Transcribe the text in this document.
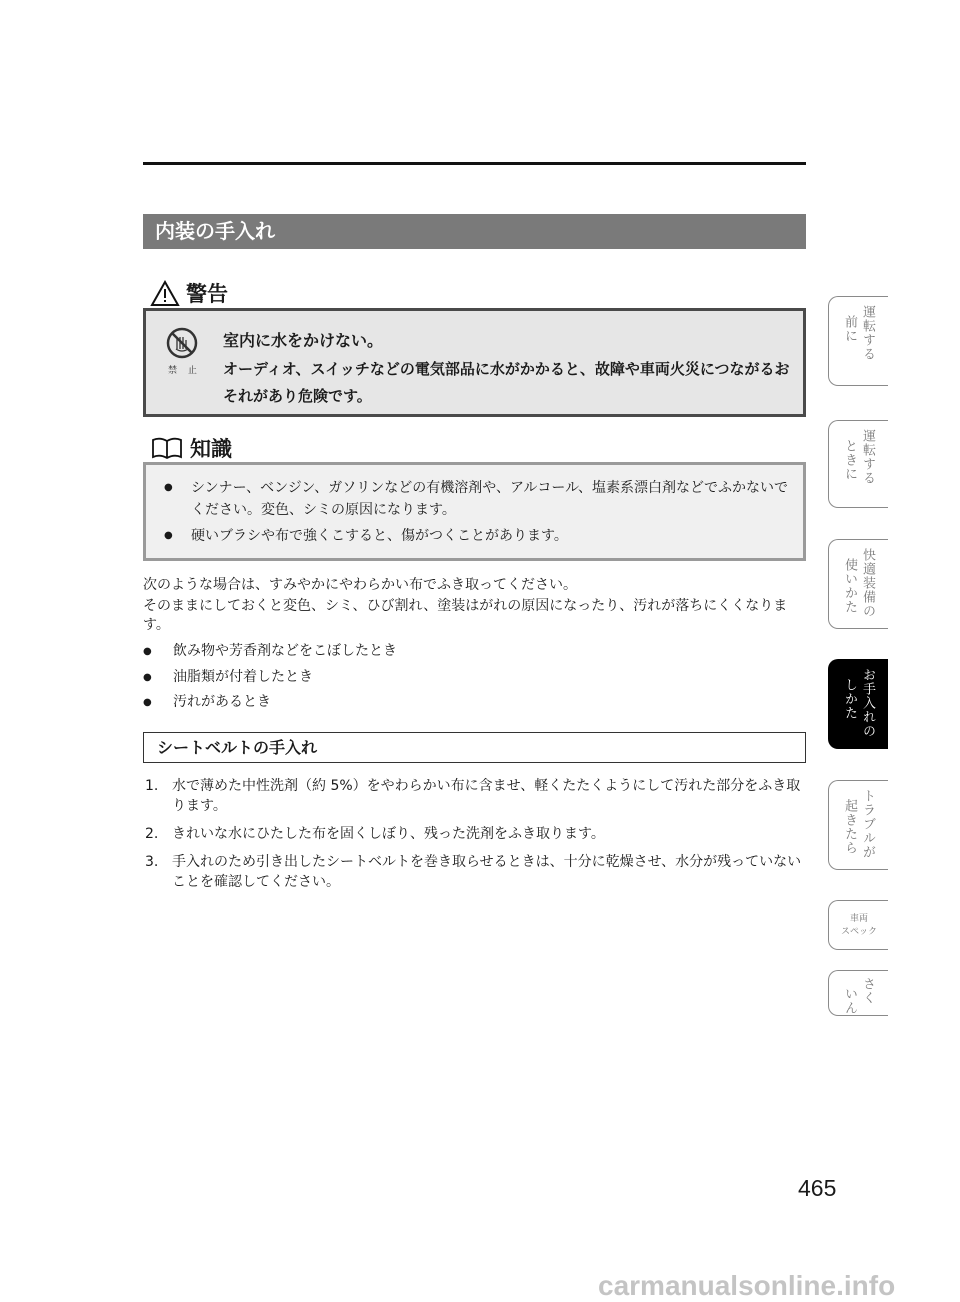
内装の手入れ
警告
禁 止
室内に水をかけない。
オーディオ、スイッチなどの電気部品に水がかかると、故障や車両火災につながるおそれがあり危険です。
知識
● シンナー、ベンジン、ガソリンなどの有機溶剤や、アルコール、塩素系漂白剤などでふかないでください。変色、シミの原因になります。
● 硬いブラシや布で強くこすると、傷がつくことがあります。
次のような場合は、すみやかにやわらかい布でふき取ってください。
そのままにしておくと変色、シミ、ひび割れ、塗装はがれの原因になったり、汚れが落ちにくくなります。
● 飲み物や芳香剤などをこぼしたとき
● 油脂類が付着したとき
● 汚れがあるとき
シートベルトの手入れ
1. 水で薄めた中性洗剤（約 5%）をやわらかい布に含ませ、軽くたたくようにして汚れた部分をふき取ります。
2. きれいな水にひたした布を固くしぼり、残った洗剤をふき取ります。
3. 手入れのため引き出したシートベルトを巻き取らせるときは、十分に乾燥させ、水分が残っていないことを確認してください。
運転する
前に
運転する
ときに
快適装備の
使いかた
お手入れの
しかた
トラブルが
起きたら
車両
スペック
さく
いん
465
carmanualsonline.info
